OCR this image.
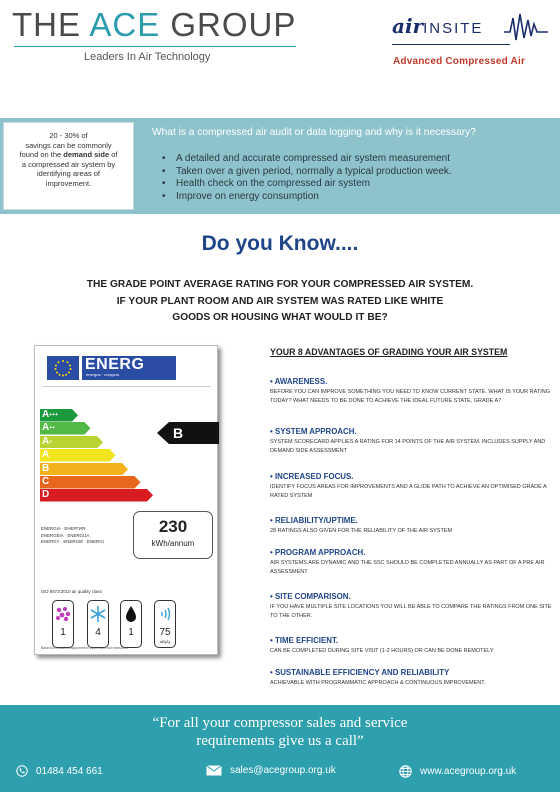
THE ACE GROUP
Leaders In Air Technology
airINSITE
Advanced Compressed Air
20 - 30% of
savings can be commonly
found on the demand side of
a compressed air system by
identifying areas of
improvement.
What is a compressed air audit or data logging and why is it necessary?
• A detailed and accurate compressed air system measurement
• Taken over a given period, normally a typical production week.
• Health check on the compressed air system
• Improve on energy consumption
Do you Know....
THE GRADE POINT AVERAGE RATING FOR YOUR COMPRESSED AIR SYSTEM.
IF YOUR PLANT ROOM AND AIR SYSTEM WAS RATED LIKE WHITE
GOODS OR HOUSING WHAT WOULD IT BE?
ENERG
energия · ενεργεια
A+++
A++
A+
A
B
C
D
B
ENERGIA · ЕНЕРГИЯ
ENERGEIA · ENERGIJA
ENERGY · ENERGIE · ENERGI
230
kWh/annum
ISO 8573:2010 air quality class
1	4	1	75
dB(A)
Based on installed equipment in plant room not measured
YOUR 8 ADVANTAGES OF GRADING YOUR AIR SYSTEM
• AWARENESS.
BEFORE YOU CAN IMPROVE SOMETHING YOU NEED TO KNOW CURRENT STATE. WHAT IS YOUR RATING TODAY? WHAT NEEDS TO BE DONE TO ACHIEVE THE IDEAL FUTURE STATE, GRADE A?
• SYSTEM APPROACH.
SYSTEM SCORECARD APPLIES A RATING FOR 14 POINTS OF THE AIR SYSTEM. INCLUDES SUPPLY AND DEMAND SIDE ASSESSMENT
• INCREASED FOCUS.
IDENTIFY FOCUS AREAS FOR IMPROVEMENTS AND A GLIDE PATH TO ACHIEVE AN OPTIMISED GRADE A RATED SYSTEM
• RELIABILITY/UPTIME.
28 RATINGS ALSO GIVEN FOR THE RELIABILITY OF THE AIR SYSTEM
• PROGRAM APPROACH.
AIR SYSTEMS ARE DYNAMIC AND THE SSC SHOULD BE COMPLETED ANNUALLY AS PART OF A PRE AIR ASSESSMENT
• SITE COMPARISON.
IF YOU HAVE MULTIPLE SITE LOCATIONS YOU WILL BE ABLE TO COMPARE THE RATINGS FROM ONE SITE TO THE OTHER.
• TIME EFFICIENT.
CAN BE COMPLETED DURING SITE VISIT (1-2 HOURS) OR CAN BE DONE REMOTELY
• SUSTAINABLE EFFICIENCY AND RELIABILITY
ACHIEVABLE WITH PROGRAMMATIC APPROACH & CONTINUOUS IMPROVEMENT.
“For all your compressor sales and service
requirements give us a call”
01484 454 661	sales@acegroup.org.uk	www.acegroup.org.uk
